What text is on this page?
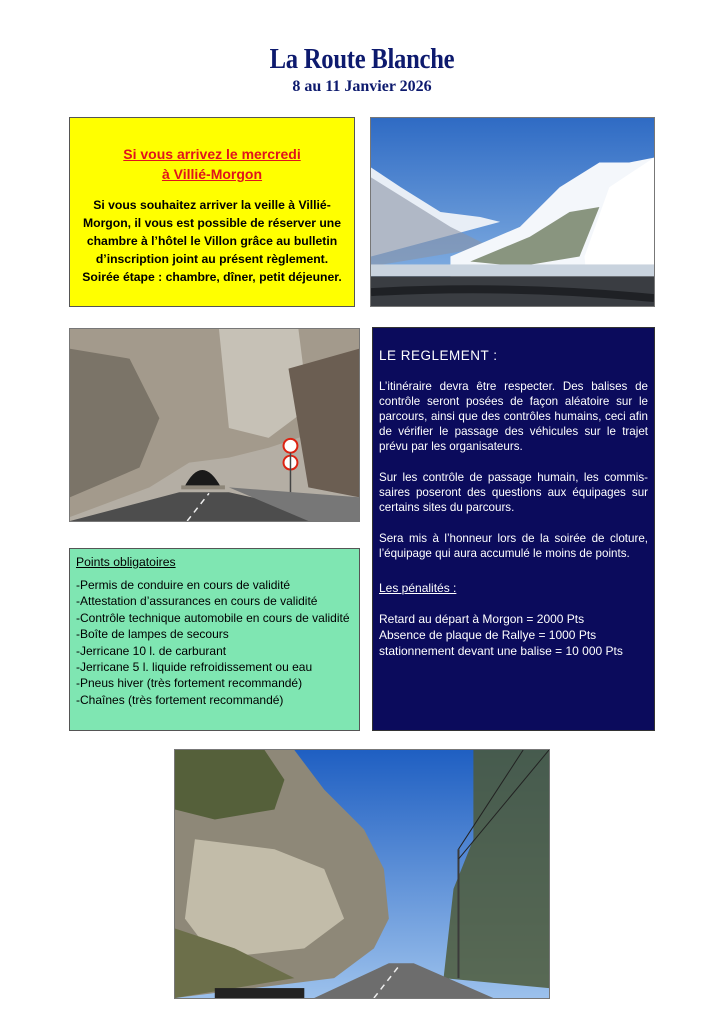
La Route Blanche
8 au 11 Janvier 2026
Si vous arrivez le mercredi
à Villié-Morgon
Si vous souhaitez arriver la veille à Villié-Morgon, il vous est possible de réserver une chambre à l’hôtel le Villon grâce au bulletin d’inscription joint au présent règlement. Soirée étape : chambre, dîner, petit déjeuner.
LE REGLEMENT :

L’itinéraire devra être respecter. Des balises de contrôle seront posées de façon aléatoire sur le parcours, ainsi que des contrôles humains, ceci afin de vérifier le passage des véhicules sur le trajet prévu par les organisateurs.

Sur les contrôle de passage humain, les commis-saires poseront des questions aux équipages sur certains sites du parcours.

Sera mis à l’honneur lors de la soirée de cloture, l’équipage qui aura accumulé le moins de points.

Les pénalités :
Retard au départ à Morgon = 2000 Pts
Absence de plaque de Rallye = 1000 Pts
stationnement devant une balise = 10 000 Pts
Points obligatoires
-Permis de conduire en cours de validité
-Attestation d’assurances en cours de validité
-Contrôle technique automobile en cours de validité
-Boîte de lampes de secours
-Jerricane 10 l. de carburant
-Jerricane 5 l. liquide refroidissement ou eau
-Pneus hiver (très fortement recommandé)
-Chaînes (très fortement recommandé)
